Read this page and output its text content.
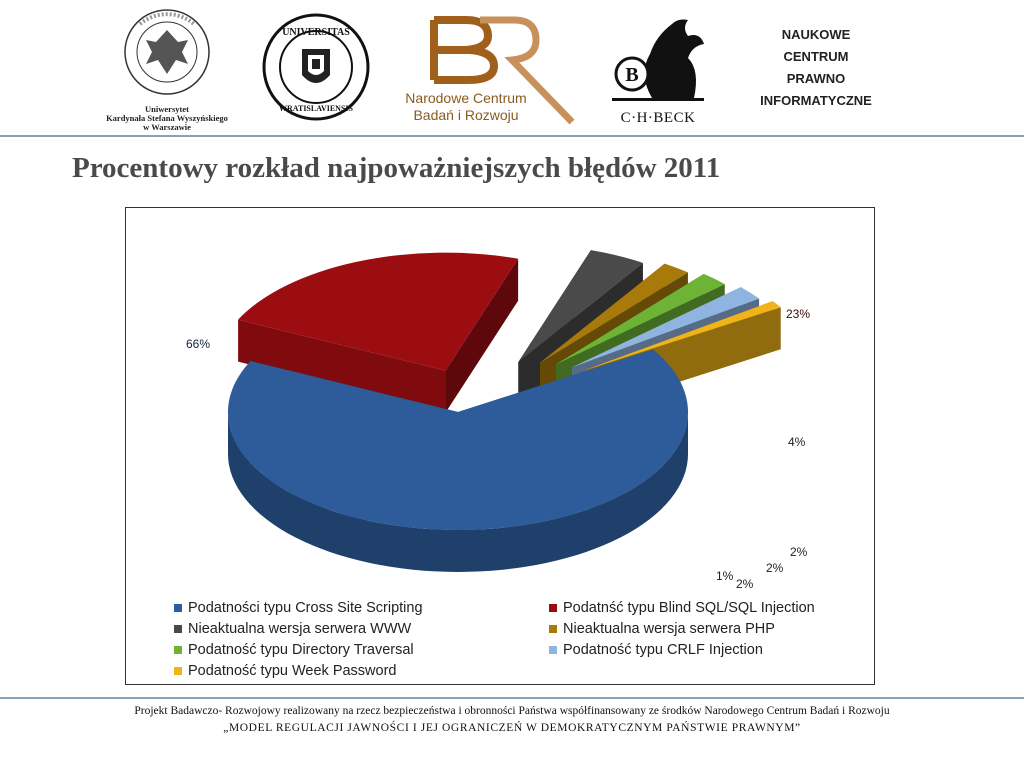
Uniwersytet
Kardynała Stefana Wyszyńskiego
w Warszawie
UNIVERSITAS
WRATISLAVIENSIS
Narodowe Centrum
Badań i Rozwoju
B
C·H·BECK
NAUKOWE
CENTRUM
PRAWNO
INFORMATYCZNE
Procentowy rozkład najpoważniejszych błędów 2011
66%
23%
4%
2%
2%
2%
1%
Podatności typu Cross Site Scripting	Podatnść typu Blind SQL/SQL Injection
Nieaktualna wersja serwera WWW	Nieaktualna wersja serwera PHP
Podatność typu Directory Traversal	Podatność typu CRLF Injection
Podatność typu Week Password
Projekt Badawczo- Rozwojowy realizowany na rzecz bezpieczeństwa i obronności Państwa współfinansowany ze środków Narodowego Centrum Badań i Rozwoju
„MODEL REGULACJI JAWNOŚCI I JEJ OGRANICZEŃ W DEMOKRATYCZNYM PAŃSTWIE PRAWNYM”
